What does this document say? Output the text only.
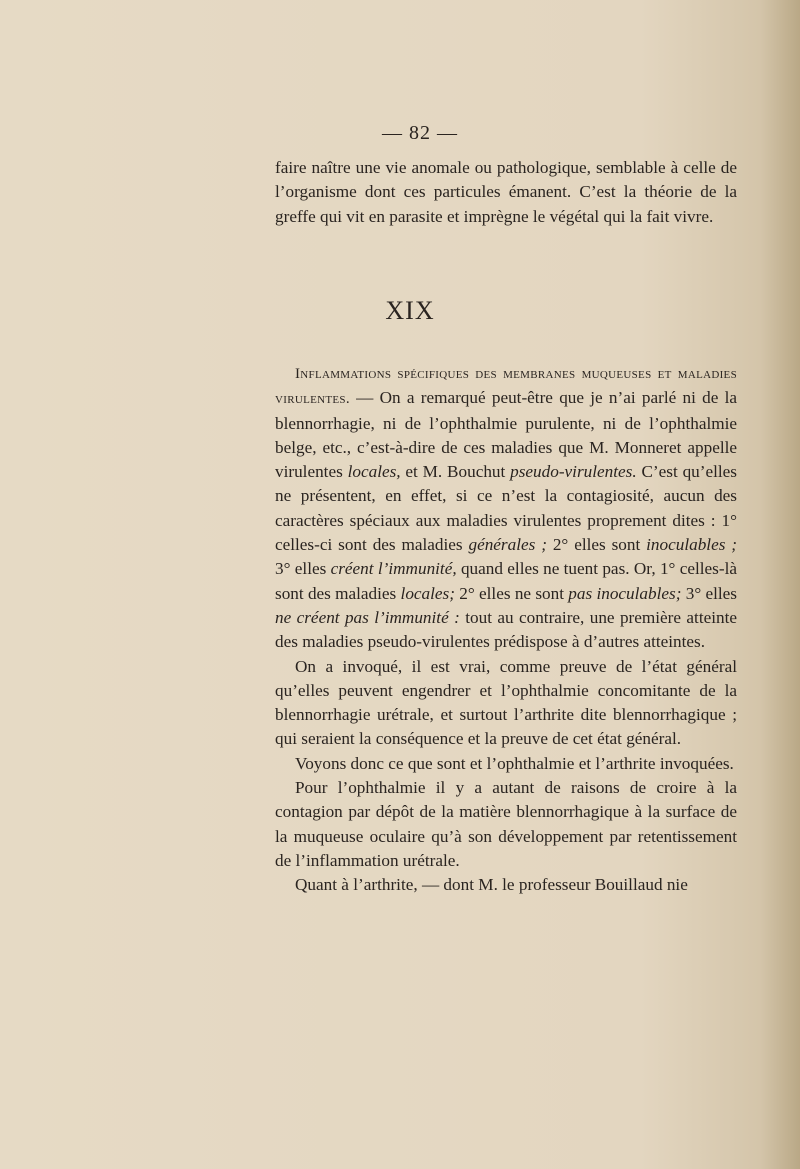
— 82 —

faire naître une vie anomale ou pathologique, semblable à celle de l’organisme dont ces particules émanent. C’est la théorie de la greffe qui vit en parasite et imprègne le végétal qui la fait vivre.

XIX

Inflammations spécifiques des membranes muqueuses et maladies virulentes. — On a remarqué peut-être que je n’ai parlé ni de la blennorrhagie, ni de l’ophthalmie purulente, ni de l’ophthalmie belge, etc., c’est-à-dire de ces maladies que M. Monneret appelle virulentes locales, et M. Bouchut pseudo-virulentes. C’est qu’elles ne présentent, en effet, si ce n’est la contagiosité, aucun des caractères spéciaux aux maladies virulentes proprement dites : 1° celles-ci sont des maladies générales ; 2° elles sont inoculables ; 3° elles créent l’immunité, quand elles ne tuent pas. Or, 1° celles-là sont des maladies locales; 2° elles ne sont pas inoculables; 3° elles ne créent pas l’immunité : tout au contraire, une première atteinte des maladies pseudo-virulentes prédispose à d’autres atteintes.

On a invoqué, il est vrai, comme preuve de l’état général qu’elles peuvent engendrer et l’ophthalmie concomitante de la blennorrhagie urétrale, et surtout l’arthrite dite blennorrhagique ; qui seraient la conséquence et la preuve de cet état général.

Voyons donc ce que sont et l’ophthalmie et l’arthrite invoquées.

Pour l’ophthalmie il y a autant de raisons de croire à la contagion par dépôt de la matière blennorrhagique à la surface de la muqueuse oculaire qu’à son développement par retentissement de l’inflammation urétrale.

Quant à l’arthrite, — dont M. le professeur Bouillaud nie
